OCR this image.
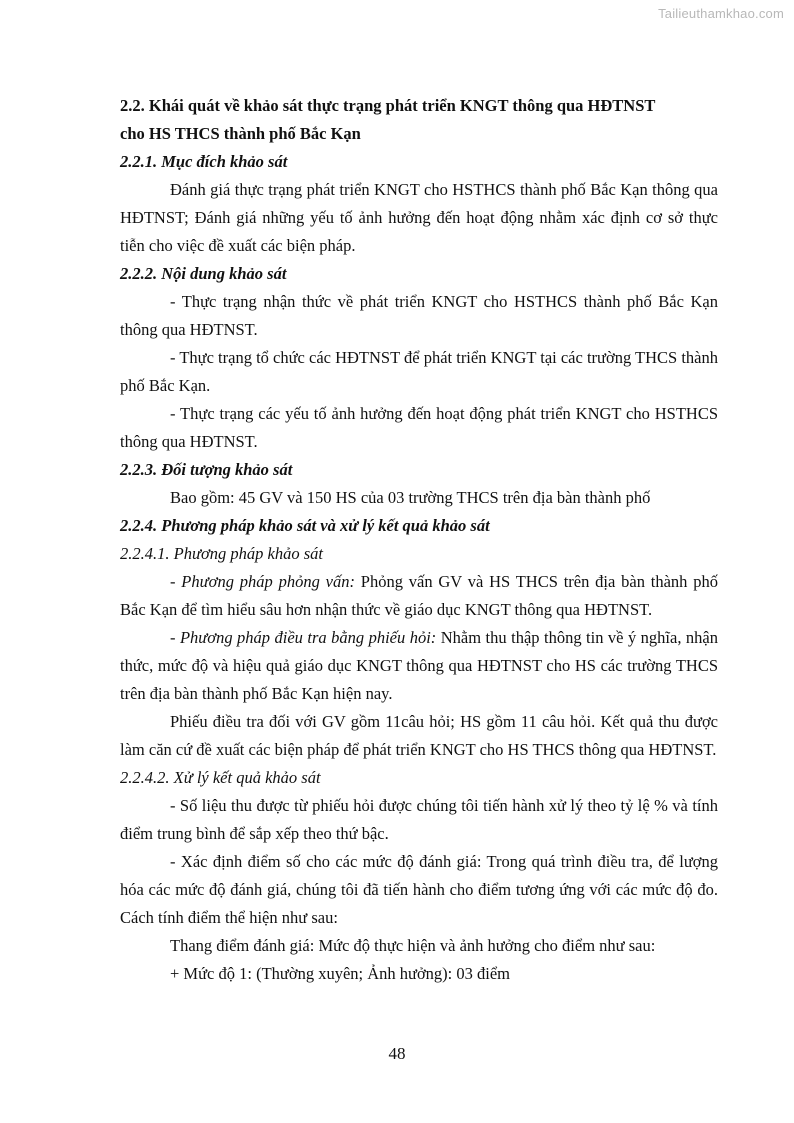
Tailieuthamkhao.com
2.2. Khái quát về khảo sát thực trạng phát triển KNGT thông qua HĐTNST
cho HS THCS thành phố Bắc Kạn
2.2.1. Mục đích khảo sát

Đánh giá thực trạng phát triển KNGT cho HSTHCS thành phố Bắc Kạn thông qua HĐTNST; Đánh giá những yếu tố ảnh hưởng đến hoạt động nhằm xác định cơ sở thực tiễn cho việc đề xuất các biện pháp.

2.2.2. Nội dung khảo sát

- Thực trạng nhận thức về phát triển KNGT cho HSTHCS thành phố Bắc Kạn thông qua HĐTNST.

- Thực trạng tổ chức các HĐTNST để phát triển KNGT tại các trường THCS thành phố Bắc Kạn.

- Thực trạng các yếu tố ảnh hưởng đến hoạt động phát triển KNGT cho HSTHCS thông qua HĐTNST.

2.2.3. Đối tượng khảo sát

Bao gồm: 45 GV và 150 HS của 03 trường THCS trên địa bàn thành phố

2.2.4. Phương pháp khảo sát và xử lý kết quả khảo sát
2.2.4.1. Phương pháp khảo sát

- Phương pháp phỏng vấn: Phỏng vấn GV và HS THCS trên địa bàn thành phố Bắc Kạn để tìm hiểu sâu hơn nhận thức về giáo dục KNGT thông qua HĐTNST.

- Phương pháp điều tra bằng phiếu hỏi: Nhằm thu thập thông tin về ý nghĩa, nhận thức, mức độ và hiệu quả giáo dục KNGT thông qua HĐTNST cho HS các trường THCS trên địa bàn thành phố Bắc Kạn hiện nay.

Phiếu điều tra đối với GV gồm 11câu hỏi; HS gồm 11 câu hỏi. Kết quả thu được làm căn cứ đề xuất các biện pháp để phát triển KNGT cho HS THCS thông qua HĐTNST.

2.2.4.2. Xử lý kết quả khảo sát

- Số liệu thu được từ phiếu hỏi được chúng tôi tiến hành xử lý theo tỷ lệ % và tính điểm trung bình để sắp xếp theo thứ bậc.

- Xác định điểm số cho các mức độ đánh giá: Trong quá trình điều tra, để lượng hóa các mức độ đánh giá, chúng tôi đã tiến hành cho điểm tương ứng với các mức độ đo. Cách tính điểm thể hiện như sau:

Thang điểm đánh giá: Mức độ thực hiện và ảnh hưởng cho điểm như sau:

+ Mức độ 1: (Thường xuyên; Ảnh hưởng): 03 điểm

48
